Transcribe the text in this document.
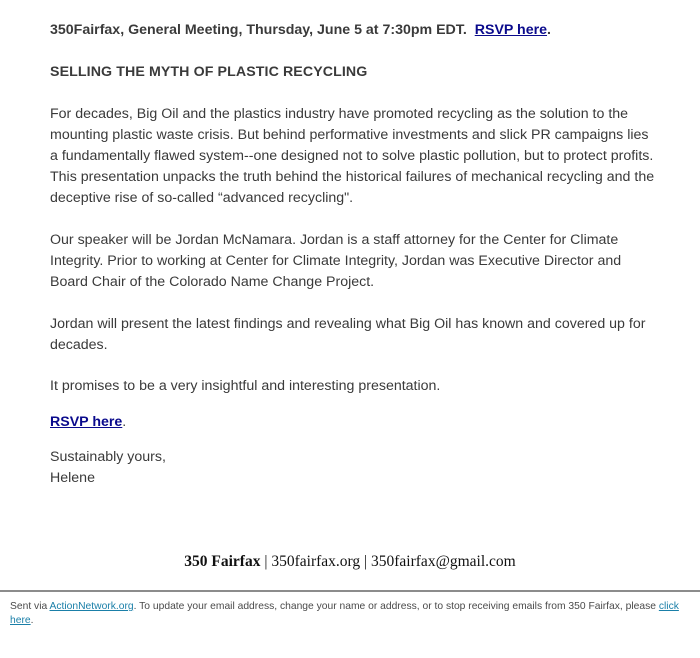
350Fairfax, General Meeting, Thursday, June 5 at 7:30pm EDT. RSVP here.

SELLING THE MYTH OF PLASTIC RECYCLING

For decades, Big Oil and the plastics industry have promoted recycling as the solution to the mounting plastic waste crisis. But behind performative investments and slick PR campaigns lies a fundamentally flawed system--one designed not to solve plastic pollution, but to protect profits. This presentation unpacks the truth behind the historical failures of mechanical recycling and the deceptive rise of so-called “advanced recycling".

Our speaker will be Jordan McNamara. Jordan is a staff attorney for the Center for Climate Integrity. Prior to working at Center for Climate Integrity, Jordan was Executive Director and Board Chair of the Colorado Name Change Project.

Jordan will present the latest findings and revealing what Big Oil has known and covered up for decades.

It promises to be a very insightful and interesting presentation.

RSVP here.

Sustainably yours,
Helene

350 Fairfax | 350fairfax.org | 350fairfax@gmail.com
Sent via ActionNetwork.org. To update your email address, change your name or address, or to stop receiving emails from 350 Fairfax, please click here.
